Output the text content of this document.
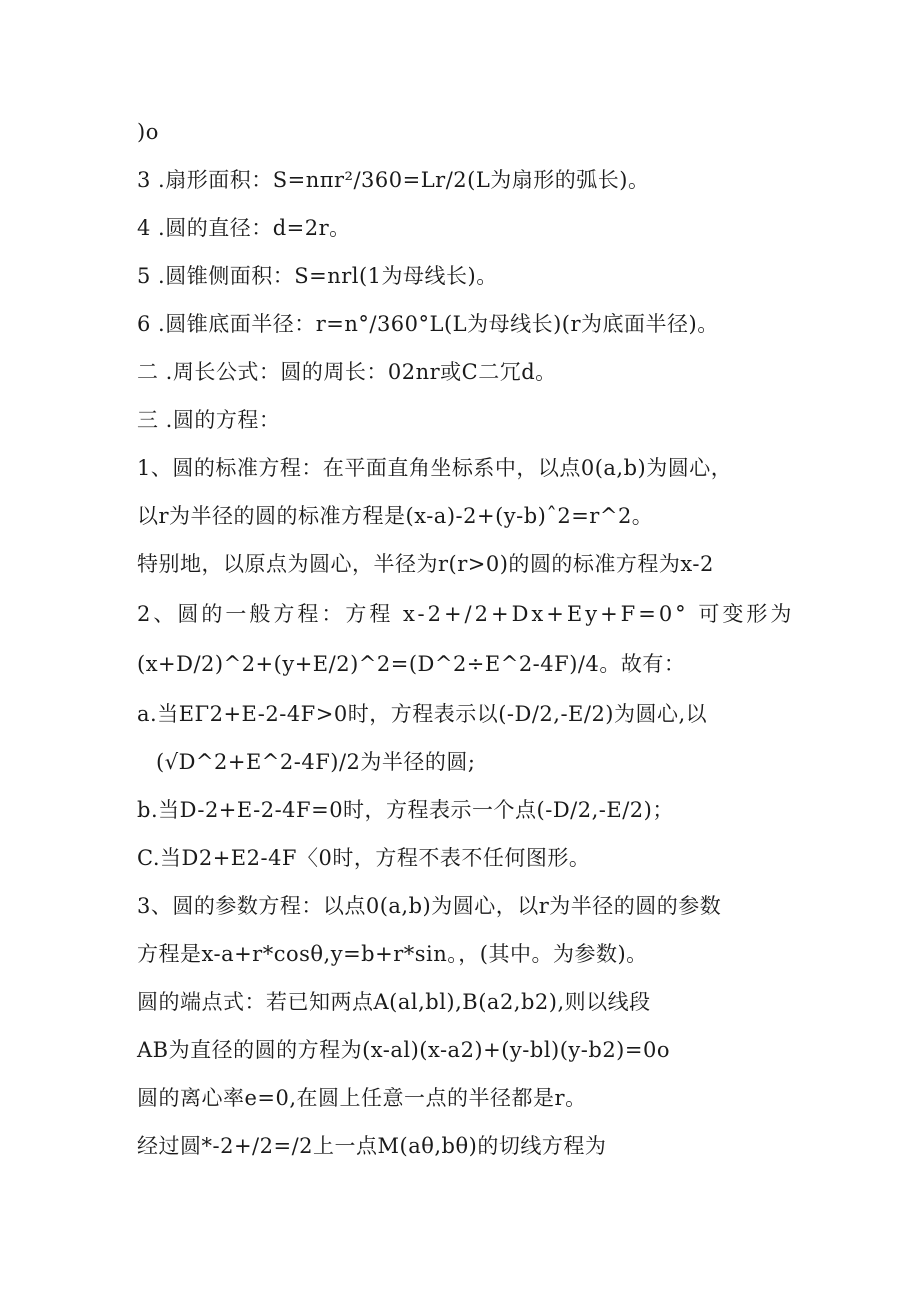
)o
3 .扇形面积：S=nπr²/360=Lr/2(L为扇形的弧长)。
4 .圆的直径：d=2r。
5 .圆锥侧面积：S=nrl(1为母线长)。
6 .圆锥底面半径：r=n°/360°L(L为母线长)(r为底面半径)。
二 .周长公式：圆的周长：02nr或C二冗d。
三 .圆的方程：
1、圆的标准方程：在平面直角坐标系中，以点0(a,b)为圆心，
以r为半径的圆的标准方程是(x-a)-2+(y-b)ˆ2=r^2。
特别地，以原点为圆心，半径为r(r>0)的圆的标准方程为x-2
2、圆的一般方程：方程 x-2+/2+Dx+Ey+F=0° 可变形为
(x+D/2)^2+(y+E/2)^2=(D^2÷E^2-4F)/4。故有：
a.当EΓ2+E-2-4F>0时，方程表示以(-D/2,-E/2)为圆心,以
(√D^2+E^2-4F)/2为半径的圆;
b.当D-2+E-2-4F=0时，方程表示一个点(-D/2,-E/2)；
C.当D2+E2-4F〈0时，方程不表不任何图形。
3、圆的参数方程：以点0(a,b)为圆心，以r为半径的圆的参数
方程是x-a+r*cosθ,y=b+r*sin。，(其中。为参数)。
圆的端点式：若已知两点A(al,bl),B(a2,b2),则以线段
AB为直径的圆的方程为(x-al)(x-a2)+(y-bl)(y-b2)=0o
圆的离心率e=0,在圆上任意一点的半径都是r。
经过圆*-2+/2=/2上一点M(aθ,bθ)的切线方程为
